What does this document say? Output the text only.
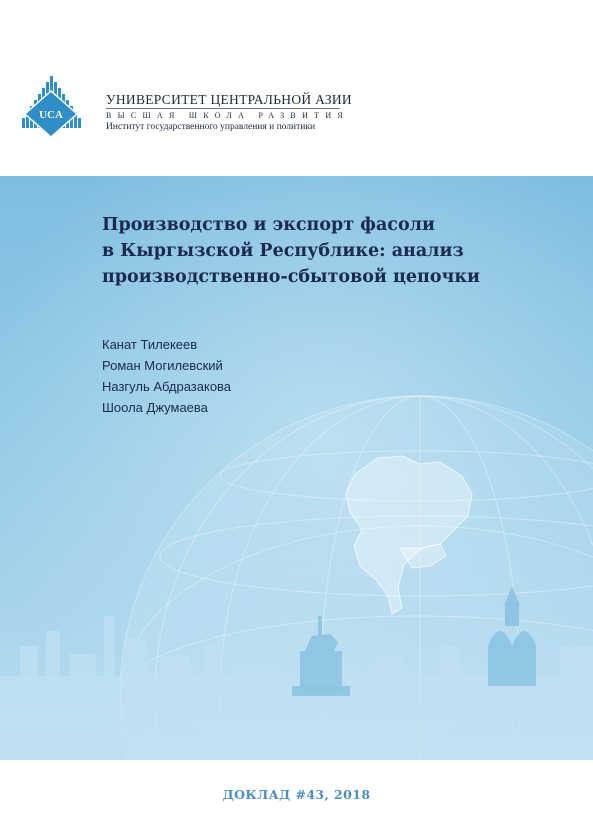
UCA
УНИВЕРСИТЕТ ЦЕНТРАЛЬНОЙ АЗИИ
ВЫСШАЯ ШКОЛА РАЗВИТИЯ
Институт государственного управления и политики
Производство и экспорт фасоли
в Кыргызской Республике: анализ
производственно-сбытовой цепочки
Канат Тилекеев
Роман Могилевский
Назгуль Абдразакова
Шоола Джумаева
ДОКЛАД #43, 2018
